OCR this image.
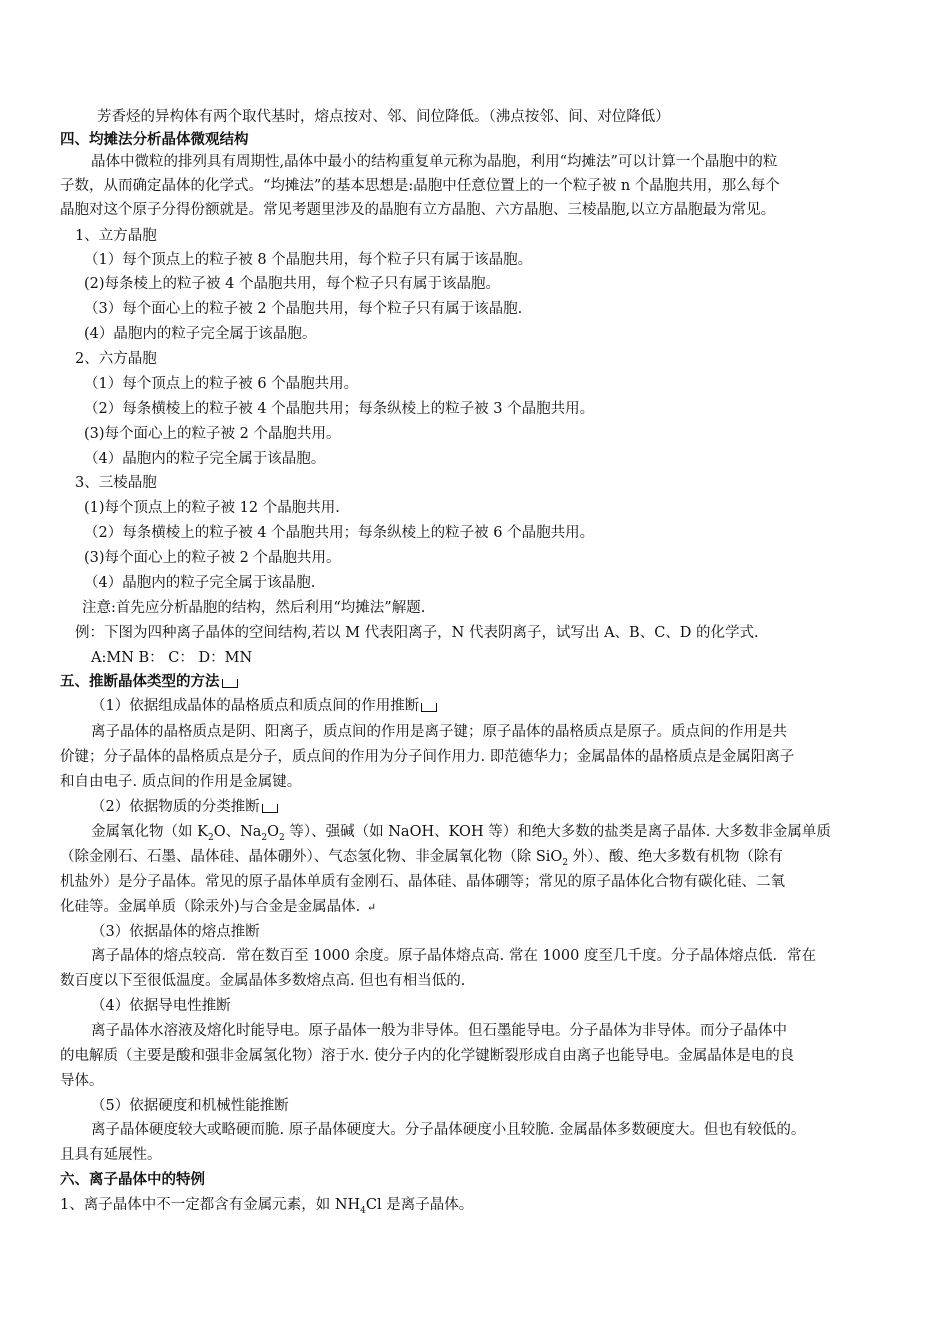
芳香烃的异构体有两个取代基时，熔点按对、邻、间位降低。（沸点按邻、间、对位降低）
四、均摊法分析晶体微观结构
晶体中微粒的排列具有周期性,晶体中最小的结构重复单元称为晶胞，利用“均摊法”可以计算一个晶胞中的粒
子数，从而确定晶体的化学式。“均摊法”的基本思想是:晶胞中任意位置上的一个粒子被 n 个晶胞共用，那么每个
晶胞对这个原子分得份额就是。常见考题里涉及的晶胞有立方晶胞、六方晶胞、三棱晶胞,以立方晶胞最为常见。
1、立方晶胞
（1）每个顶点上的粒子被 8 个晶胞共用，每个粒子只有属于该晶胞。
(2)每条棱上的粒子被 4 个晶胞共用，每个粒子只有属于该晶胞。
（3）每个面心上的粒子被 2 个晶胞共用，每个粒子只有属于该晶胞.
(4）晶胞内的粒子完全属于该晶胞。
2、六方晶胞
（1）每个顶点上的粒子被 6 个晶胞共用。
（2）每条横棱上的粒子被 4 个晶胞共用；每条纵棱上的粒子被 3 个晶胞共用。
(3)每个面心上的粒子被 2 个晶胞共用。
（4）晶胞内的粒子完全属于该晶胞。
3、三棱晶胞
(1)每个顶点上的粒子被 12 个晶胞共用.
（2）每条横棱上的粒子被 4 个晶胞共用；每条纵棱上的粒子被 6 个晶胞共用。
(3)每个面心上的粒子被 2 个晶胞共用。
（4）晶胞内的粒子完全属于该晶胞.
注意:首先应分析晶胞的结构，然后利用“均摊法”解题.
例：下图为四种离子晶体的空间结构,若以 M 代表阳离子，N 代表阴离子，试写出 A、B、C、D 的化学式.
A:MN B： C： D：MN
五、推断晶体类型的方法
（1）依据组成晶体的晶格质点和质点间的作用推断
离子晶体的晶格质点是阴、阳离子，质点间的作用是离子键；原子晶体的晶格质点是原子。质点间的作用是共
价键；分子晶体的晶格质点是分子，质点间的作用为分子间作用力. 即范德华力；金属晶体的晶格质点是金属阳离子
和自由电子. 质点间的作用是金属键。
（2）依据物质的分类推断
金属氧化物（如 $K_2O$、$Na_2O_2$ 等）、强碱（如 NaOH、KOH 等）和绝大多数的盐类是离子晶体. 大多数非金属单质
（除金刚石、石墨、晶体硅、晶体硼外）、气态氢化物、非金属氧化物（除 SiO$_2$ 外）、酸、绝大多数有机物（除有
机盐外）是分子晶体。常见的原子晶体单质有金刚石、晶体硅、晶体硼等；常见的原子晶体化合物有碳化硅、二氧
化硅等。金属单质（除汞外)与合金是金属晶体. ↵
（3）依据晶体的熔点推断
离子晶体的熔点较高．常在数百至 1000 余度。原子晶体熔点高. 常在 1000 度至几千度。分子晶体熔点低．常在
数百度以下至很低温度。金属晶体多数熔点高. 但也有相当低的.
（4）依据导电性推断
离子晶体水溶液及熔化时能导电。原子晶体一般为非导体。但石墨能导电。分子晶体为非导体。而分子晶体中
的电解质（主要是酸和强非金属氢化物）溶于水. 使分子内的化学键断裂形成自由离子也能导电。金属晶体是电的良
导体。
（5）依据硬度和机械性能推断
离子晶体硬度较大或略硬而脆. 原子晶体硬度大。分子晶体硬度小且较脆. 金属晶体多数硬度大。但也有较低的。
且具有延展性。
六、离子晶体中的特例
1、离子晶体中不一定都含有金属元素，如 $NH_4Cl$ 是离子晶体。
